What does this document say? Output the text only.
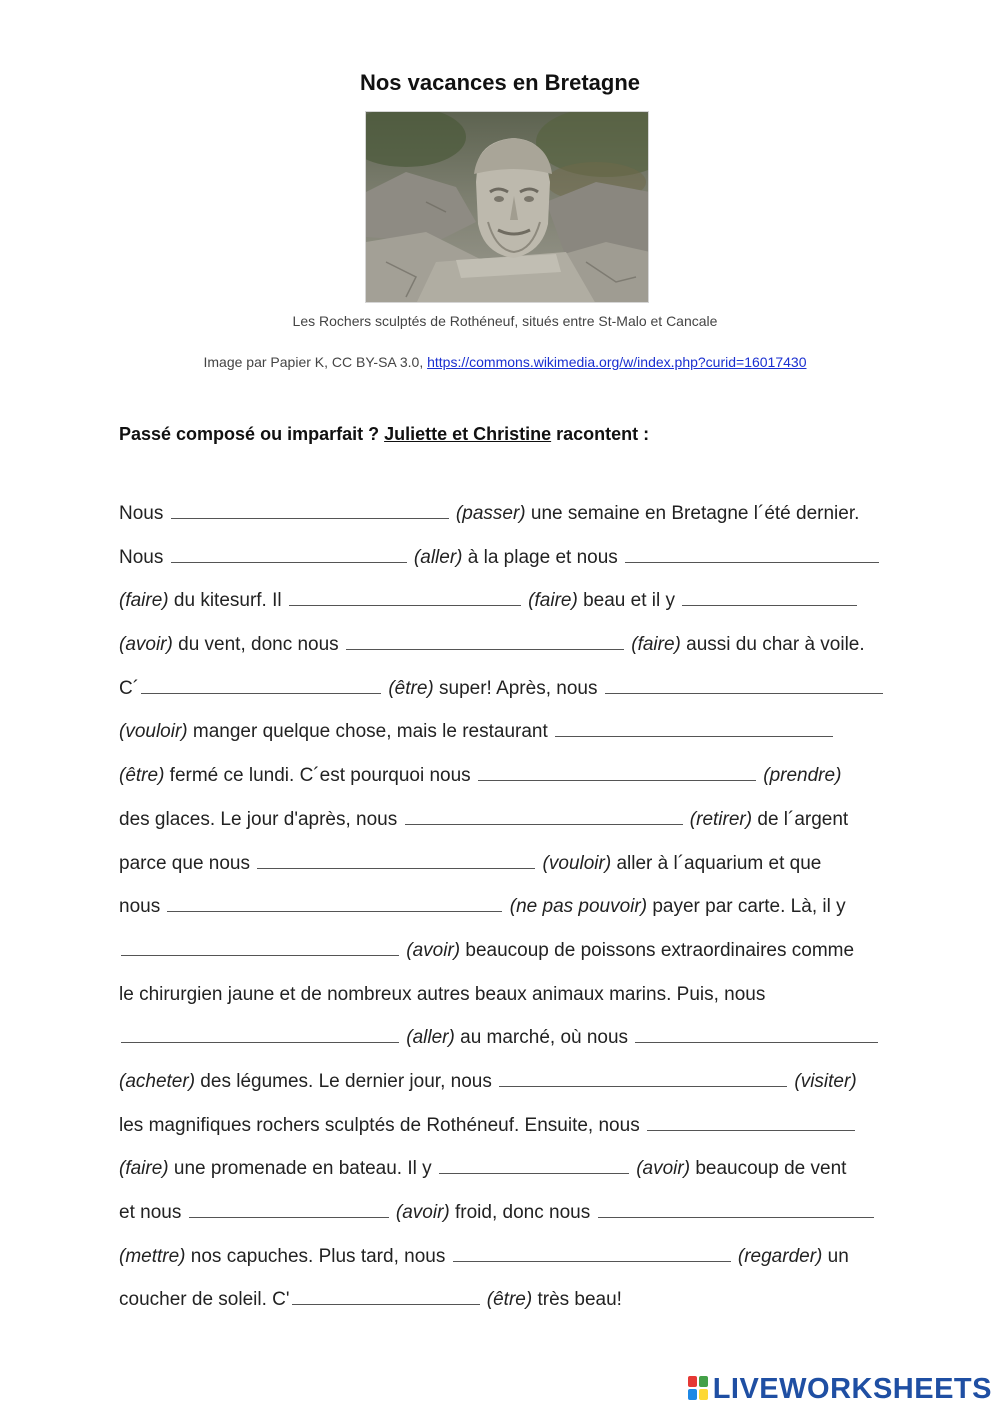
Nos vacances en Bretagne
Les Rochers sculptés de Rothéneuf, situés entre St-Malo et Cancale
Image par Papier K, CC BY-SA 3.0, https://commons.wikimedia.org/w/index.php?curid=16017430
Passé composé ou imparfait ? Juliette et Christine racontent :
Nous	(passer) une semaine en Bretagne l´été dernier.
Nous	(aller) à la plage et nous
(faire) du kitesurf. Il	(faire) beau et il y
(avoir) du vent, donc nous	(faire) aussi du char à voile.
C´	(être) super! Après, nous
(vouloir) manger quelque chose, mais le restaurant
(être) fermé ce lundi. C´est pourquoi nous	(prendre)
des glaces. Le jour d'après, nous	(retirer) de l´argent
parce que nous	(vouloir) aller à l´aquarium et que
nous	(ne pas pouvoir) payer par carte. Là, il y
(avoir) beaucoup de poissons extraordinaires comme
le chirurgien jaune et de nombreux autres beaux animaux marins. Puis, nous
(aller) au marché, où nous
(acheter) des légumes. Le dernier jour, nous	(visiter)
les magnifiques rochers sculptés de Rothéneuf. Ensuite, nous
(faire) une promenade en bateau. Il y	(avoir) beaucoup de vent
et nous	(avoir) froid, donc nous
(mettre) nos capuches. Plus tard, nous	(regarder) un
coucher de soleil. C'	(être) très beau!
LIVEWORKSHEETS
